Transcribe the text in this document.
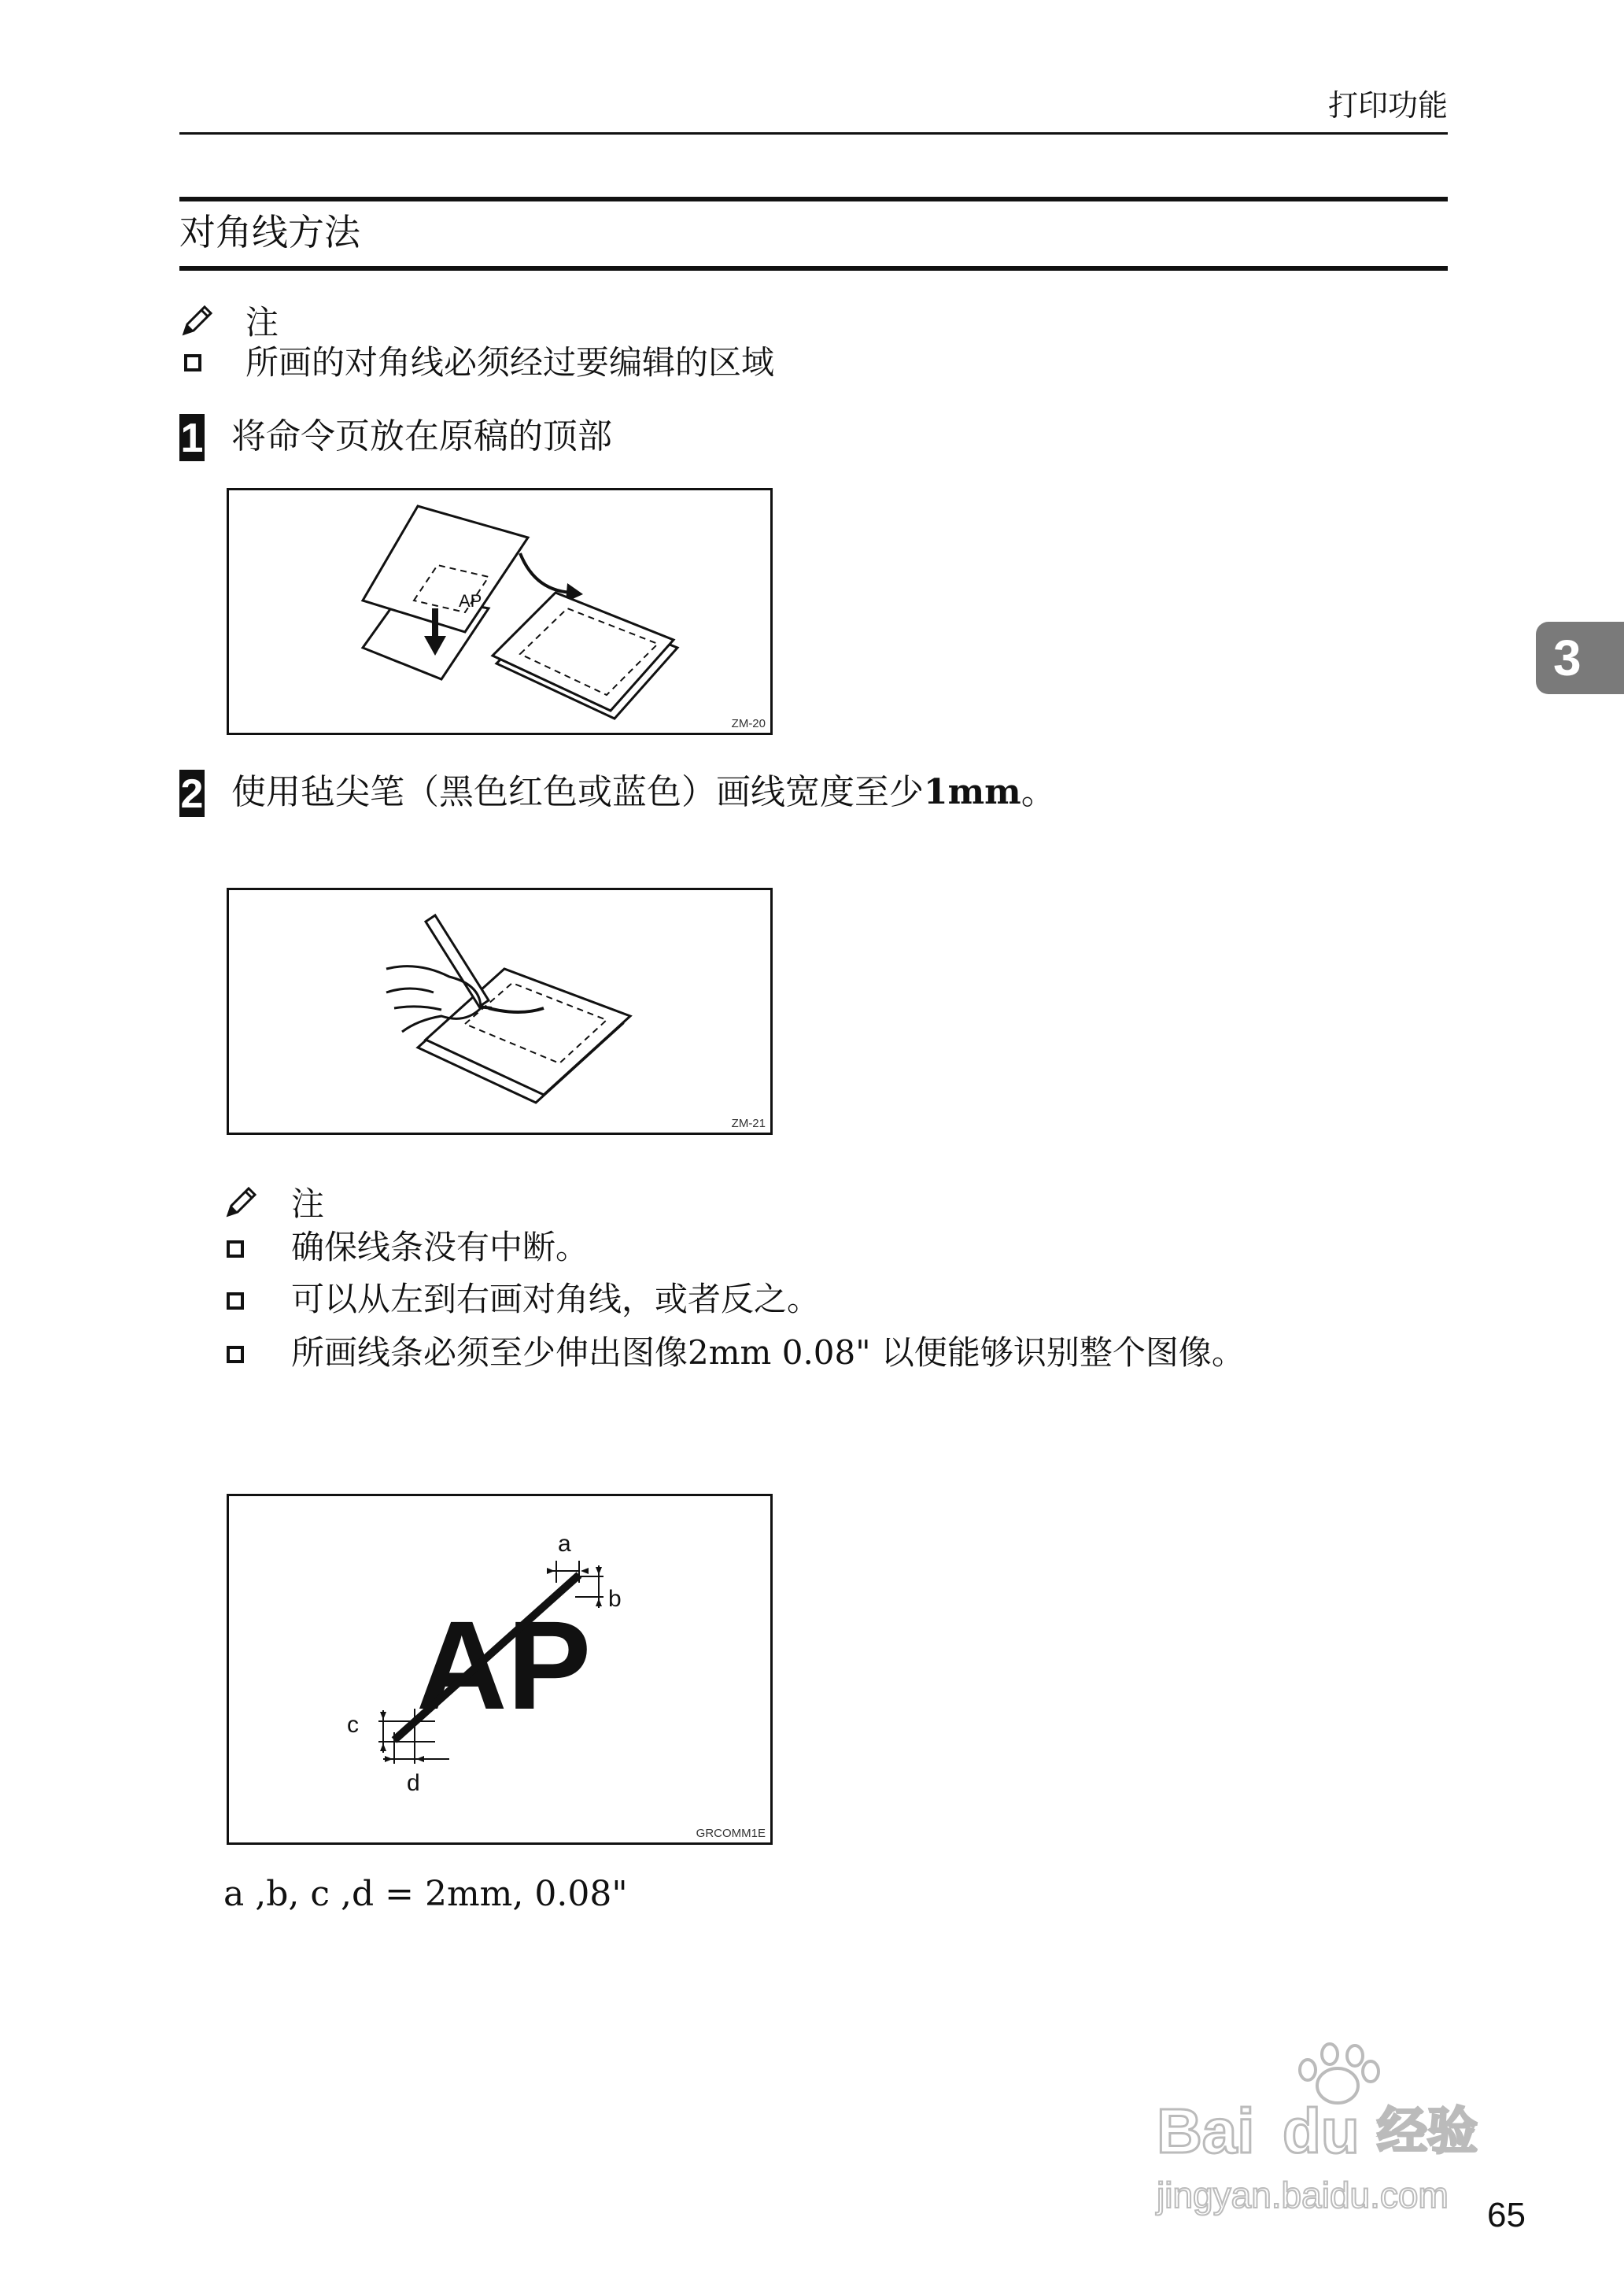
打印功能
对角线方法
注
所画的对角线必须经过要编辑的区域
1 将命令页放在原稿的顶部
AP
ZM-20
2 使用毡尖笔（黑色红色或蓝色）画线宽度至少1mm。
ZM-21
注
确保线条没有中断。
可以从左到右画对角线，或者反之。
所画线条必须至少伸出图像2mm 0.08" 以便能够识别整个图像。
AP
a
b
c
d
GRCOMM1E
a ,b, c ,d = 2mm, 0.08"
3
Bai du 经验
jingyan.baidu.com 65
